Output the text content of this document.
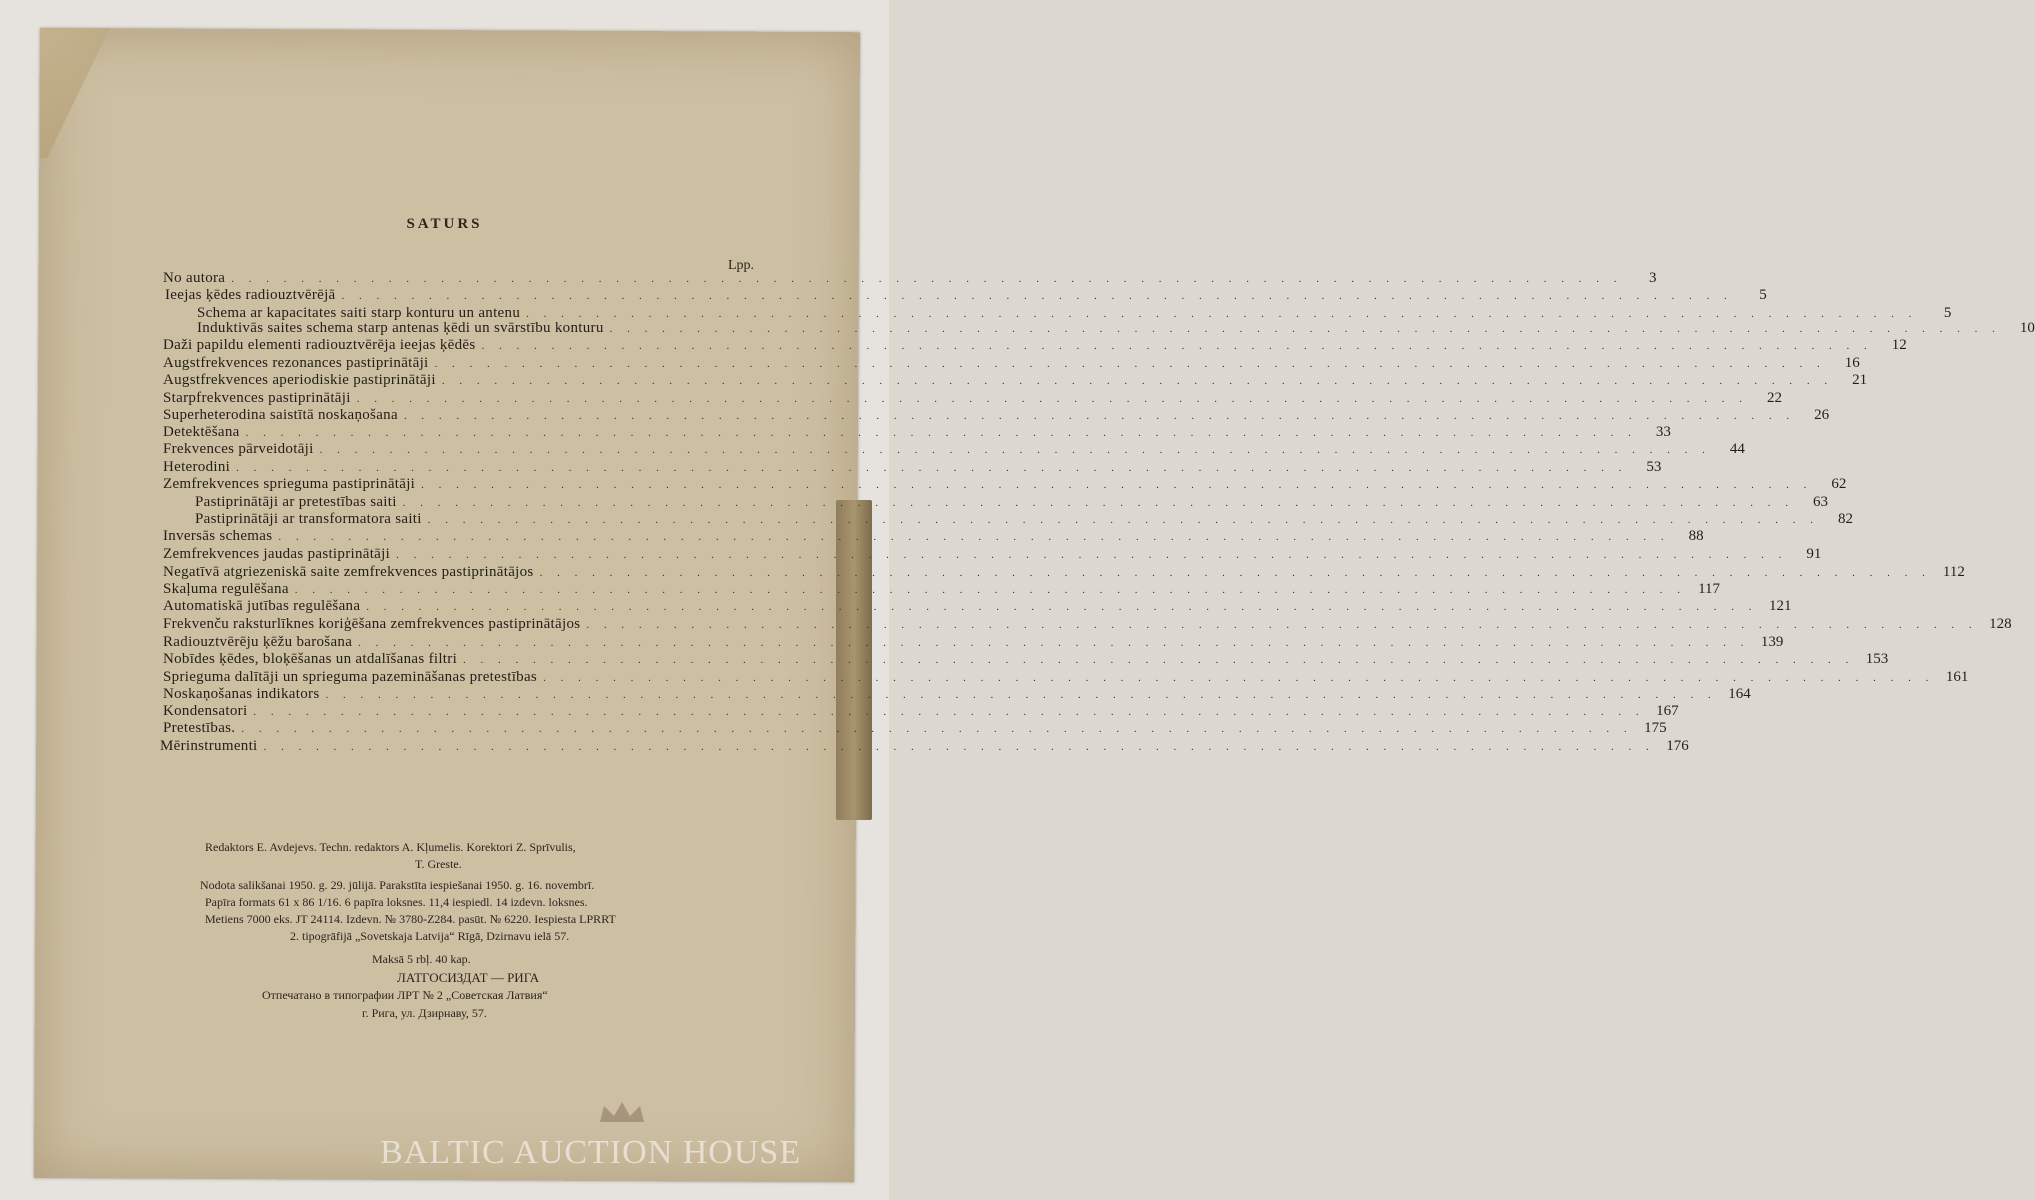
SATURS
Lpp.
No autora . . . . . . . . . . . . . . . . . . . . . . . . . . . . . . . . . . . . . . . . . . . . . . . . . . . . . . . . . . . . . . . . . . . . . . . . . . . . . . . .	3
Ieejas ķēdes radiouztvērējā . . . . . . . . . . . . . . . . . . . . . . . . . . . . . . . . . . . . . . . . . . . . . . . . . . . . . . . . . . . . . . . . . . . . . . . . . . . . . . . .	5
Schema ar kapacitates saiti starp konturu un antenu . . . . . . . . . . . . . . . . . . . . . . . . . . . . . . . . . . . . . . . . . . . . . . . . . . . . . . . . . . . . . . . . . . . . . . . . . . . . . . . .	5
Induktivās saites schema starp antenas ķēdi un svārstību konturu . . . . . . . . . . . . . . . . . . . . . . . . . . . . . . . . . . . . . . . . . . . . . . . . . . . . . . . . . . . . . . . . . . . . . . . . . . . . . . . .	10
Daži papildu elementi radiouztvērēja ieejas ķēdēs . . . . . . . . . . . . . . . . . . . . . . . . . . . . . . . . . . . . . . . . . . . . . . . . . . . . . . . . . . . . . . . . . . . . . . . . . . . . . . . .	12
Augstfrekvences rezonances pastiprinātāji . . . . . . . . . . . . . . . . . . . . . . . . . . . . . . . . . . . . . . . . . . . . . . . . . . . . . . . . . . . . . . . . . . . . . . . . . . . . . . . .	16
Augstfrekvences aperiodiskie pastiprinātāji . . . . . . . . . . . . . . . . . . . . . . . . . . . . . . . . . . . . . . . . . . . . . . . . . . . . . . . . . . . . . . . . . . . . . . . . . . . . . . . .	21
Starpfrekvences pastiprinātāji . . . . . . . . . . . . . . . . . . . . . . . . . . . . . . . . . . . . . . . . . . . . . . . . . . . . . . . . . . . . . . . . . . . . . . . . . . . . . . . .	22
Superheterodina saistītā noskaņošana . . . . . . . . . . . . . . . . . . . . . . . . . . . . . . . . . . . . . . . . . . . . . . . . . . . . . . . . . . . . . . . . . . . . . . . . . . . . . . . .	26
Detektēšana . . . . . . . . . . . . . . . . . . . . . . . . . . . . . . . . . . . . . . . . . . . . . . . . . . . . . . . . . . . . . . . . . . . . . . . . . . . . . . . .	33
Frekvences pārveidotāji . . . . . . . . . . . . . . . . . . . . . . . . . . . . . . . . . . . . . . . . . . . . . . . . . . . . . . . . . . . . . . . . . . . . . . . . . . . . . . . .	44
Heterodini . . . . . . . . . . . . . . . . . . . . . . . . . . . . . . . . . . . . . . . . . . . . . . . . . . . . . . . . . . . . . . . . . . . . . . . . . . . . . . . .	53
Zemfrekvences sprieguma pastiprinātāji . . . . . . . . . . . . . . . . . . . . . . . . . . . . . . . . . . . . . . . . . . . . . . . . . . . . . . . . . . . . . . . . . . . . . . . . . . . . . . . .	62
Pastiprinātāji ar pretestības saiti . . . . . . . . . . . . . . . . . . . . . . . . . . . . . . . . . . . . . . . . . . . . . . . . . . . . . . . . . . . . . . . . . . . . . . . . . . . . . . . .	63
Pastiprinātāji ar transformatora saiti . . . . . . . . . . . . . . . . . . . . . . . . . . . . . . . . . . . . . . . . . . . . . . . . . . . . . . . . . . . . . . . . . . . . . . . . . . . . . . . .	82
Inversās schemas . . . . . . . . . . . . . . . . . . . . . . . . . . . . . . . . . . . . . . . . . . . . . . . . . . . . . . . . . . . . . . . . . . . . . . . . . . . . . . . .	88
Zemfrekvences jaudas pastiprinātāji . . . . . . . . . . . . . . . . . . . . . . . . . . . . . . . . . . . . . . . . . . . . . . . . . . . . . . . . . . . . . . . . . . . . . . . . . . . . . . . .	91
Negatīvā atgriezeniskā saite zemfrekvences pastiprinātājos . . . . . . . . . . . . . . . . . . . . . . . . . . . . . . . . . . . . . . . . . . . . . . . . . . . . . . . . . . . . . . . . . . . . . . . . . . . . . . . . 112
Skaļuma regulēšana . . . . . . . . . . . . . . . . . . . . . . . . . . . . . . . . . . . . . . . . . . . . . . . . . . . . . . . . . . . . . . . . . . . . . . . . . . . . . . . . 117
Automatiskā jutības regulēšana . . . . . . . . . . . . . . . . . . . . . . . . . . . . . . . . . . . . . . . . . . . . . . . . . . . . . . . . . . . . . . . . . . . . . . . . . . . . . . . . 121
Frekvenču raksturlīknes koriģēšana zemfrekvences pastiprinātājos . . . . . . . . . . . . . . . . . . . . . . . . . . . . . . . . . . . . . . . . . . . . . . . . . . . . . . . . . . . . . . . . . . . . . . . . . . . . . . . . 128
Radiouztvērēju ķēžu barošana . . . . . . . . . . . . . . . . . . . . . . . . . . . . . . . . . . . . . . . . . . . . . . . . . . . . . . . . . . . . . . . . . . . . . . . . . . . . . . . . 139
Nobīdes ķēdes, bloķēšanas un atdalīšanas filtri . . . . . . . . . . . . . . . . . . . . . . . . . . . . . . . . . . . . . . . . . . . . . . . . . . . . . . . . . . . . . . . . . . . . . . . . . . . . . . . . 153
Sprieguma dalītāji un sprieguma pazemināšanas pretestības . . . . . . . . . . . . . . . . . . . . . . . . . . . . . . . . . . . . . . . . . . . . . . . . . . . . . . . . . . . . . . . . . . . . . . . . . . . . . . . . 161
Noskaņošanas indikators . . . . . . . . . . . . . . . . . . . . . . . . . . . . . . . . . . . . . . . . . . . . . . . . . . . . . . . . . . . . . . . . . . . . . . . . . . . . . . . . 164
Kondensatori . . . . . . . . . . . . . . . . . . . . . . . . . . . . . . . . . . . . . . . . . . . . . . . . . . . . . . . . . . . . . . . . . . . . . . . . . . . . . . . . 167
Pretestības. . . . . . . . . . . . . . . . . . . . . . . . . . . . . . . . . . . . . . . . . . . . . . . . . . . . . . . . . . . . . . . . . . . . . . . . . . . . . . . . . 175
Mērinstrumenti . . . . . . . . . . . . . . . . . . . . . . . . . . . . . . . . . . . . . . . . . . . . . . . . . . . . . . . . . . . . . . . . . . . . . . . . . . . . . . . . 176
Redaktors E. Avdejevs. Techn. redaktors A. Kļumelis. Korektori Z. Sprīvulis,
T. Greste.
Nodota salikšanai 1950. g. 29. jūlijā. Parakstīta iespiešanai 1950. g. 16. novembrī.
Papīra formats 61 x 86 1/16. 6 papīra loksnes. 11,4 iespiedl. 14 izdevn. loksnes.
Metiens 7000 eks. JT 24114. Izdevn. № 3780-Z284. pasūt. № 6220. Iespiesta LPRRT
2. tipogrāfijā „Sovetskaja Latvija“ Rīgā, Dzirnavu ielā 57.
Maksā 5 rbļ. 40 kap.
ЛАТГОСИЗДАТ — РИГА
Отпечатано в типографии ЛРТ № 2 „Советская Латвия“
г. Рига, ул. Дзирнаву, 57.
BALTIC AUCTION HOUSE
